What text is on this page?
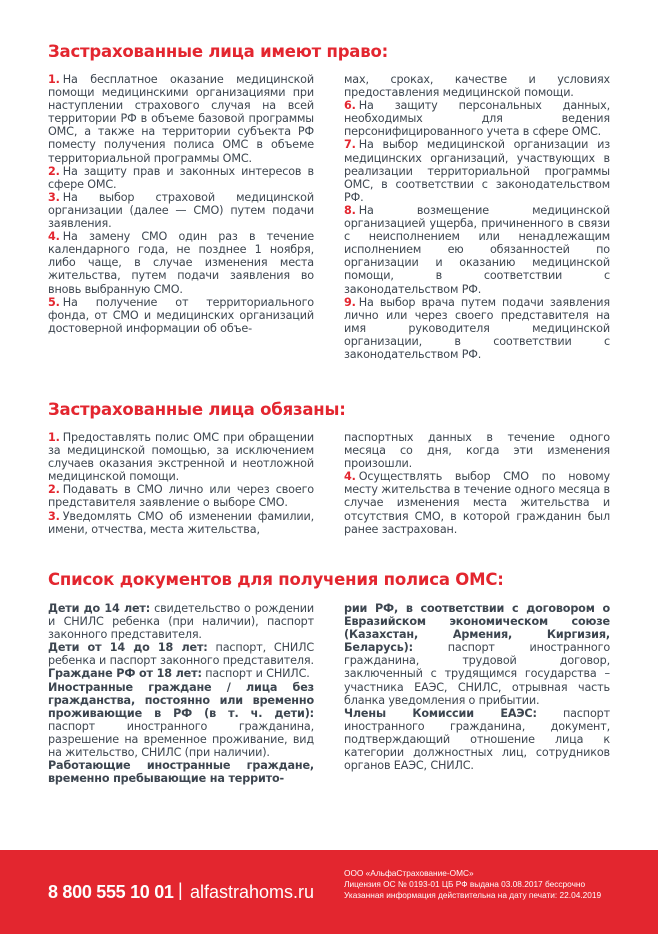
Застрахованные лица имеют право:

1. На бесплатное оказание медицинской помощи медицинскими организациями при наступлении страхового случая на всей территории РФ в объеме базовой программы ОМС, а также на территории субъекта РФ поместу получения полиса ОМС в объеме территориальной программы ОМС.

2. На защиту прав и законных интересов в сфере ОМС.

3. На выбор страховой медицинской организации (далее — СМО) путем подачи заявления.

4. На замену СМО один раз в течение календарного года, не позднее 1 ноября, либо чаще, в случае изменения места жительства, путем подачи заявления во вновь выбранную СМО.

5. На получение от территориального фонда, от СМО и медицинских организаций достоверной информации об объе-

мах, сроках, качестве и условиях предоставления медицинской помощи.

6. На защиту персональных данных, необходимых для ведения персонифицированного учета в сфере ОМС.

7. На выбор медицинской организации из медицинских организаций, участвующих в реализации территориальной программы ОМС, в соответствии с законодательством РФ.

8. На возмещение медицинской организацией ущерба, причиненного в связи с неисполнением или ненадлежащим исполнением ею обязанностей по организации и оказанию медицинской помощи, в соответствии с законодательством РФ.

9. На выбор врача путем подачи заявления лично или через своего представителя на имя руководителя медицинской организации, в соответствии с законодательством РФ.

Застрахованные лица обязаны:

1. Предоставлять полис ОМС при обращении за медицинской помощью, за исключением случаев оказания экстренной и неотложной медицинской помощи.

2. Подавать в СМО лично или через своего представителя заявление о выборе СМО.

3. Уведомлять СМО об изменении фамилии, имени, отчества, места жительства,

паспортных данных в течение одного месяца со дня, когда эти изменения произошли.

4. Осуществлять выбор СМО по новому месту жительства в течение одного месяца в случае изменения места жительства и отсутствия СМО, в которой гражданин был ранее застрахован.

Список документов для получения полиса ОМС:

Дети до 14 лет: свидетельство о рождении и СНИЛС ребенка (при наличии), паспорт законного представителя.

Дети от 14 до 18 лет: паспорт, СНИЛС ребенка и паспорт законного представителя.

Граждане РФ от 18 лет: паспорт и СНИЛС.

Иностранные граждане / лица без гражданства, постоянно или временно проживающие в РФ (в т. ч. дети): паспорт иностранного гражданина, разрешение на временное проживание, вид на жительство, СНИЛС (при наличии).

Работающие иностранные граждане, временно пребывающие на террито-

рии РФ, в соответствии с договором о Евразийском экономическом союзе (Казахстан, Армения, Киргизия, Беларусь):	паспорт иностранного гражданина, трудовой договор, заключенный с трудящимся государства – участника ЕАЭС, СНИЛС, отрывная часть бланка уведомления о прибытии.

Члены Комиссии ЕАЭС: паспорт иностранного гражданина, документ, подтверждающий отношение лица к категории должностных лиц, сотрудников органов ЕАЭС, СНИЛС.

8 800 555 10 01 | alfastrahoms.ru
ООО «АльфаСтрахование-ОМС»
Лицензия ОС № 0193-01 ЦБ РФ выдана 03.08.2017 бессрочно
Указанная информация действительна на дату печати: 22.04.2019
